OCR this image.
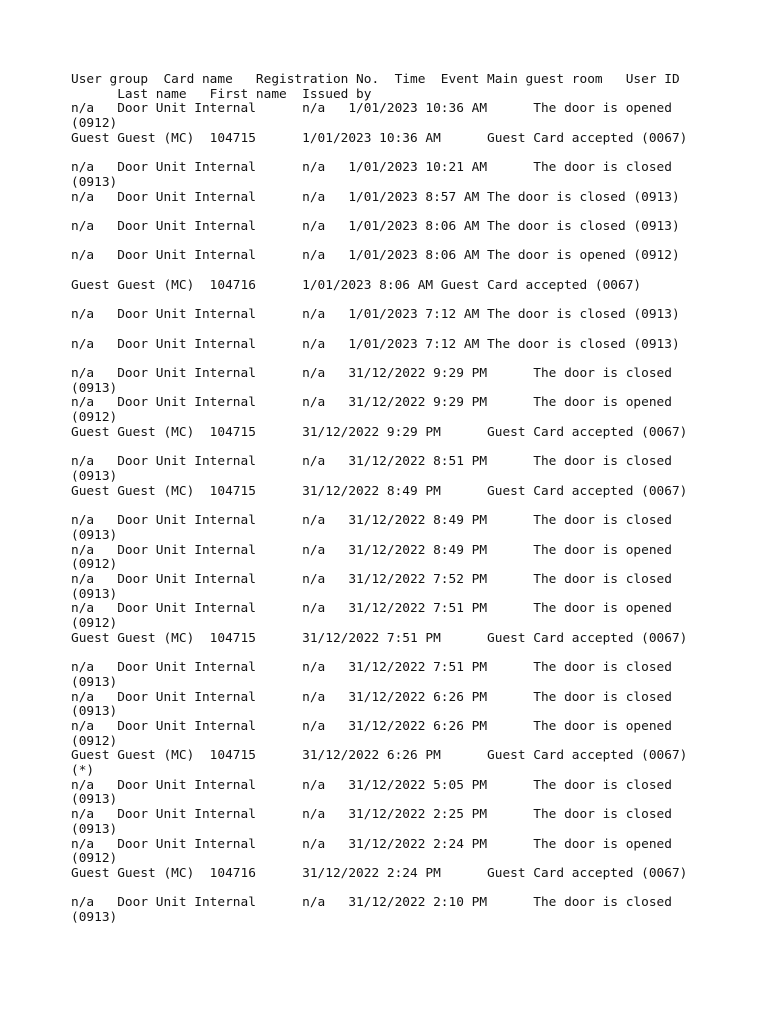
User group  Card name   Registration No.  Time  Event Main guest room   User ID
Last name   First name  Issued by
n/a   Door Unit Internal      n/a   1/01/2023 10:36 AM      The door is opened
(0912)
Guest Guest (MC)  104715      1/01/2023 10:36 AM      Guest Card accepted (0067)

n/a   Door Unit Internal      n/a   1/01/2023 10:21 AM      The door is closed
(0913)
n/a   Door Unit Internal      n/a   1/01/2023 8:57 AM The door is closed (0913)

n/a   Door Unit Internal      n/a   1/01/2023 8:06 AM The door is closed (0913)

n/a   Door Unit Internal      n/a   1/01/2023 8:06 AM The door is opened (0912)

Guest Guest (MC)  104716      1/01/2023 8:06 AM Guest Card accepted (0067)

n/a   Door Unit Internal      n/a   1/01/2023 7:12 AM The door is closed (0913)

n/a   Door Unit Internal      n/a   1/01/2023 7:12 AM The door is closed (0913)

n/a   Door Unit Internal      n/a   31/12/2022 9:29 PM      The door is closed
(0913)
n/a   Door Unit Internal      n/a   31/12/2022 9:29 PM      The door is opened
(0912)
Guest Guest (MC)  104715      31/12/2022 9:29 PM      Guest Card accepted (0067)

n/a   Door Unit Internal      n/a   31/12/2022 8:51 PM      The door is closed
(0913)
Guest Guest (MC)  104715      31/12/2022 8:49 PM      Guest Card accepted (0067)

n/a   Door Unit Internal      n/a   31/12/2022 8:49 PM      The door is closed
(0913)
n/a   Door Unit Internal      n/a   31/12/2022 8:49 PM      The door is opened
(0912)
n/a   Door Unit Internal      n/a   31/12/2022 7:52 PM      The door is closed
(0913)
n/a   Door Unit Internal      n/a   31/12/2022 7:51 PM      The door is opened
(0912)
Guest Guest (MC)  104715      31/12/2022 7:51 PM      Guest Card accepted (0067)

n/a   Door Unit Internal      n/a   31/12/2022 7:51 PM      The door is closed
(0913)
n/a   Door Unit Internal      n/a   31/12/2022 6:26 PM      The door is closed
(0913)
n/a   Door Unit Internal      n/a   31/12/2022 6:26 PM      The door is opened
(0912)
Guest Guest (MC)  104715      31/12/2022 6:26 PM      Guest Card accepted (0067)
(*)
n/a   Door Unit Internal      n/a   31/12/2022 5:05 PM      The door is closed
(0913)
n/a   Door Unit Internal      n/a   31/12/2022 2:25 PM      The door is closed
(0913)
n/a   Door Unit Internal      n/a   31/12/2022 2:24 PM      The door is opened
(0912)
Guest Guest (MC)  104716      31/12/2022 2:24 PM      Guest Card accepted (0067)

n/a   Door Unit Internal      n/a   31/12/2022 2:10 PM      The door is closed
(0913)
